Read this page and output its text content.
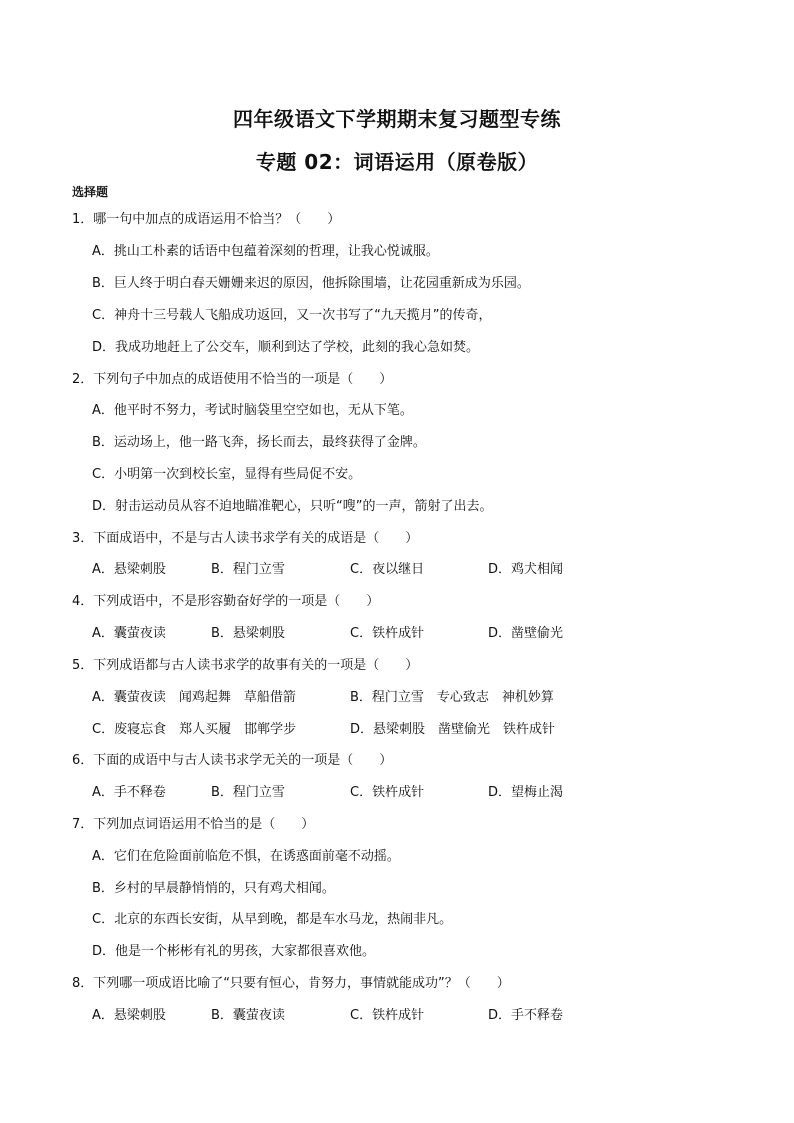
四年级语文下学期期末复习题型专练
专题 02：词语运用（原卷版）
选择题
1．哪一句中加点的成语运用不恰当？（　　）
A．挑山工朴素的话语中包蕴着深刻的哲理，让我心悦诚服。
B．巨人终于明白春天姗姗来迟的原因，他拆除围墙，让花园重新成为乐园。
C．神舟十三号载人飞船成功返回，又一次书写了“九天揽月”的传奇，
D．我成功地赶上了公交车，顺利到达了学校，此刻的我心急如焚。
2．下列句子中加点的成语使用不恰当的一项是（　　）
A．他平时不努力，考试时脑袋里空空如也，无从下笔。
B．运动场上，他一路飞奔，扬长而去，最终获得了金牌。
C．小明第一次到校长室，显得有些局促不安。
D．射击运动员从容不迫地瞄准靶心，只听“嗖”的一声，箭射了出去。
3．下面成语中，不是与古人读书求学有关的成语是（　　）
A．悬梁刺股	B．程门立雪	C．夜以继日	D．鸡犬相闻
4．下列成语中，不是形容勤奋好学的一项是（　　）
A．囊萤夜读	B．悬梁刺股	C．铁杵成针	D．凿壁偷光
5．下列成语都与古人读书求学的故事有关的一项是（　　）
A．囊萤夜读　闻鸡起舞　草船借箭	B．程门立雪　专心致志　神机妙算
C．废寝忘食　郑人买履　邯郸学步	D．悬梁刺股　凿壁偷光　铁杵成针
6．下面的成语中与古人读书求学无关的一项是（　　）
A．手不释卷	B．程门立雪	C．铁杵成针	D．望梅止渴
7．下列加点词语运用不恰当的是（　　）
A．它们在危险面前临危不惧，在诱惑面前毫不动摇。
B．乡村的早晨静悄悄的，只有鸡犬相闻。
C．北京的东西长安街，从早到晚，都是车水马龙，热闹非凡。
D．他是一个彬彬有礼的男孩，大家都很喜欢他。
8．下列哪一项成语比喻了“只要有恒心，肯努力，事情就能成功”？（　　）
A．悬梁刺股	B．囊萤夜读	C．铁杵成针	D．手不释卷
